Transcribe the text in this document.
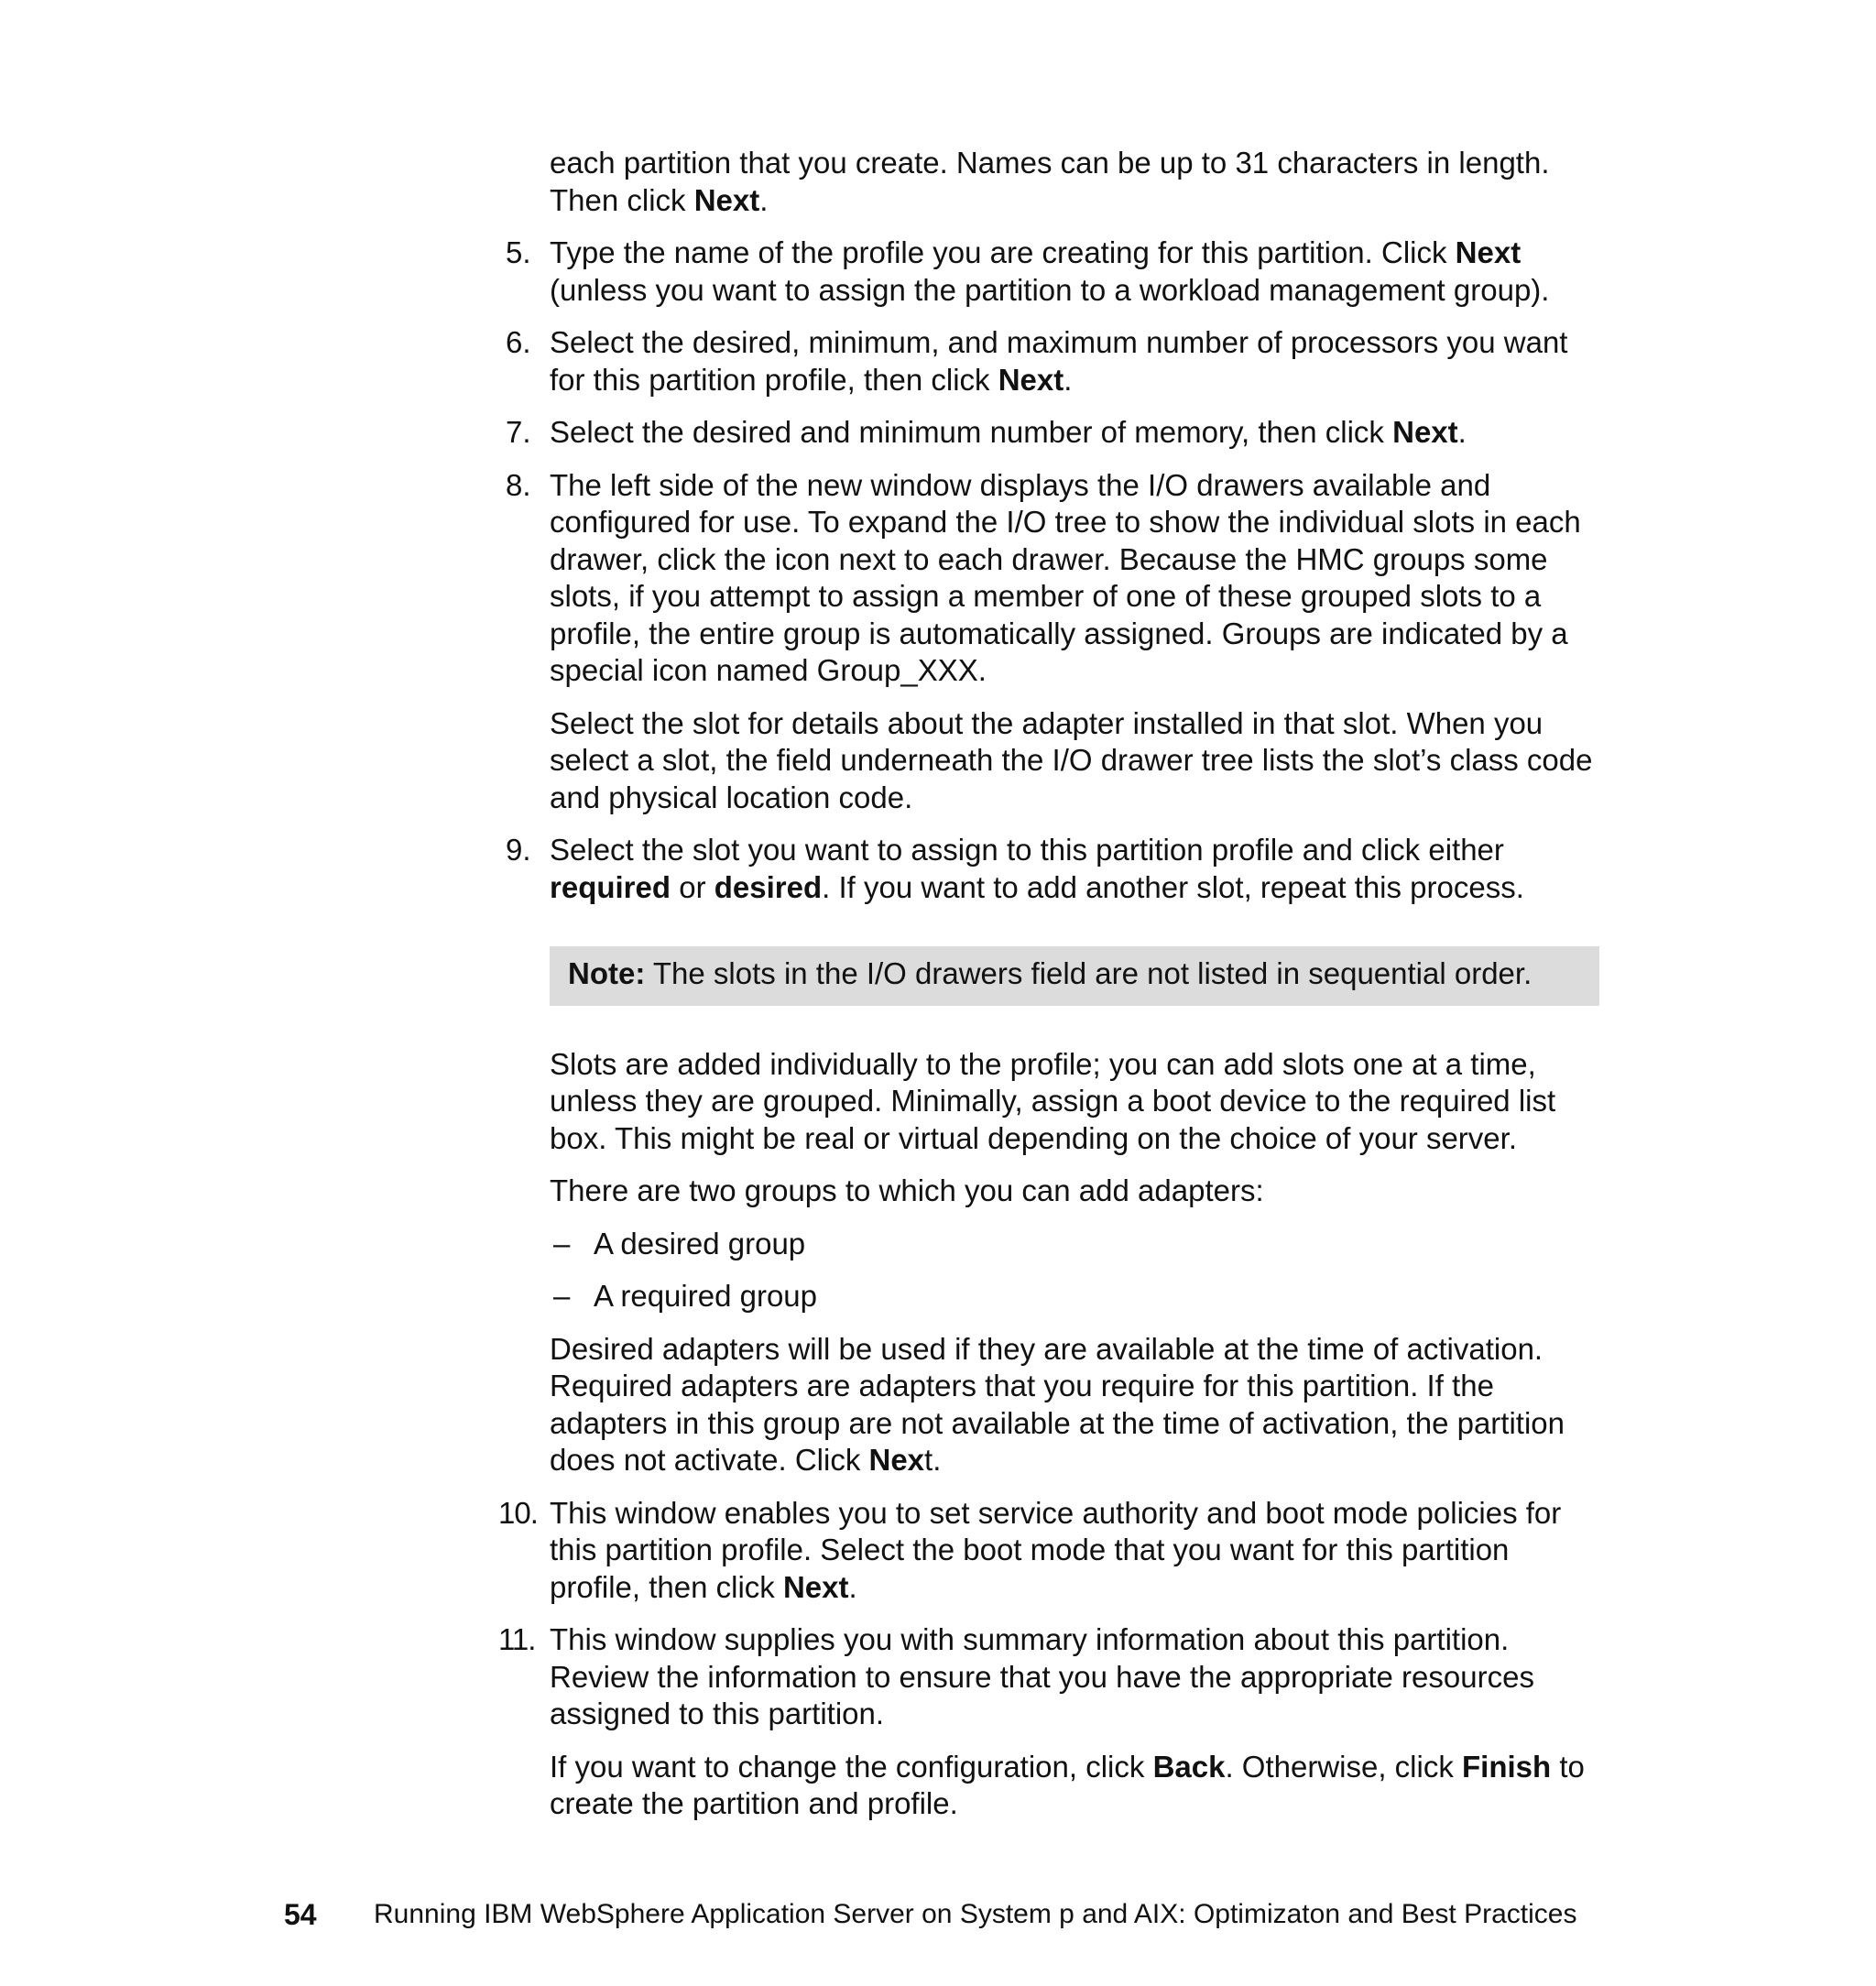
each partition that you create. Names can be up to 31 characters in length. Then click Next.

5. Type the name of the profile you are creating for this partition. Click Next (unless you want to assign the partition to a workload management group).
6. Select the desired, minimum, and maximum number of processors you want for this partition profile, then click Next.
7. Select the desired and minimum number of memory, then click Next.
8. The left side of the new window displays the I/O drawers available and configured for use. To expand the I/O tree to show the individual slots in each drawer, click the icon next to each drawer. Because the HMC groups some slots, if you attempt to assign a member of one of these grouped slots to a profile, the entire group is automatically assigned. Groups are indicated by a special icon named Group_XXX.

Select the slot for details about the adapter installed in that slot. When you select a slot, the field underneath the I/O drawer tree lists the slot’s class code and physical location code.

9. Select the slot you want to assign to this partition profile and click either required or desired. If you want to add another slot, repeat this process.
Note: The slots in the I/O drawers field are not listed in sequential order.

Slots are added individually to the profile; you can add slots one at a time, unless they are grouped. Minimally, assign a boot device to the required list box. This might be real or virtual depending on the choice of your server.

There are two groups to which you can add adapters:

– A desired group
– A required group

Desired adapters will be used if they are available at the time of activation. Required adapters are adapters that you require for this partition. If the adapters in this group are not available at the time of activation, the partition does not activate. Click Next.

10. This window enables you to set service authority and boot mode policies for this partition profile. Select the boot mode that you want for this partition profile, then click Next.
11. This window supplies you with summary information about this partition. Review the information to ensure that you have the appropriate resources assigned to this partition.

If you want to change the configuration, click Back. Otherwise, click Finish to create the partition and profile.

54 Running IBM WebSphere Application Server on System p and AIX: Optimizaton and Best Practices
